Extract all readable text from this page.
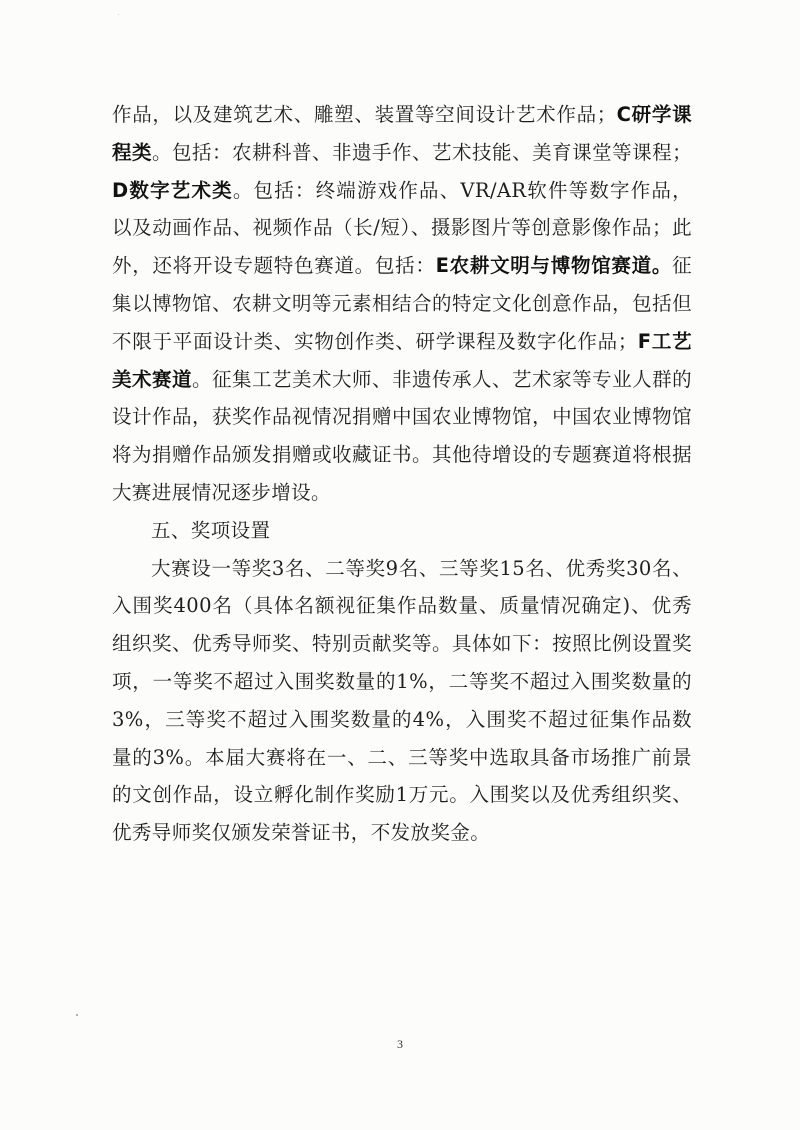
作品，以及建筑艺术、雕塑、装置等空间设计艺术作品；C研学课程类。包括：农耕科普、非遗手作、艺术技能、美育课堂等课程；D数字艺术类。包括：终端游戏作品、VR/AR软件等数字作品，以及动画作品、视频作品（长/短）、摄影图片等创意影像作品；此外，还将开设专题特色赛道。包括：E农耕文明与博物馆赛道。征集以博物馆、农耕文明等元素相结合的特定文化创意作品，包括但不限于平面设计类、实物创作类、研学课程及数字化作品；F工艺美术赛道。征集工艺美术大师、非遗传承人、艺术家等专业人群的设计作品，获奖作品视情况捐赠中国农业博物馆，中国农业博物馆将为捐赠作品颁发捐赠或收藏证书。其他待增设的专题赛道将根据大赛进展情况逐步增设。

五、奖项设置

大赛设一等奖3名、二等奖9名、三等奖15名、优秀奖30名、入围奖400名（具体名额视征集作品数量、质量情况确定)、优秀组织奖、优秀导师奖、特别贡献奖等。具体如下：按照比例设置奖项，一等奖不超过入围奖数量的1%，二等奖不超过入围奖数量的3%，三等奖不超过入围奖数量的4%，入围奖不超过征集作品数量的3%。本届大赛将在一、二、三等奖中选取具备市场推广前景的文创作品，设立孵化制作奖励1万元。入围奖以及优秀组织奖、优秀导师奖仅颁发荣誉证书，不发放奖金。

3
